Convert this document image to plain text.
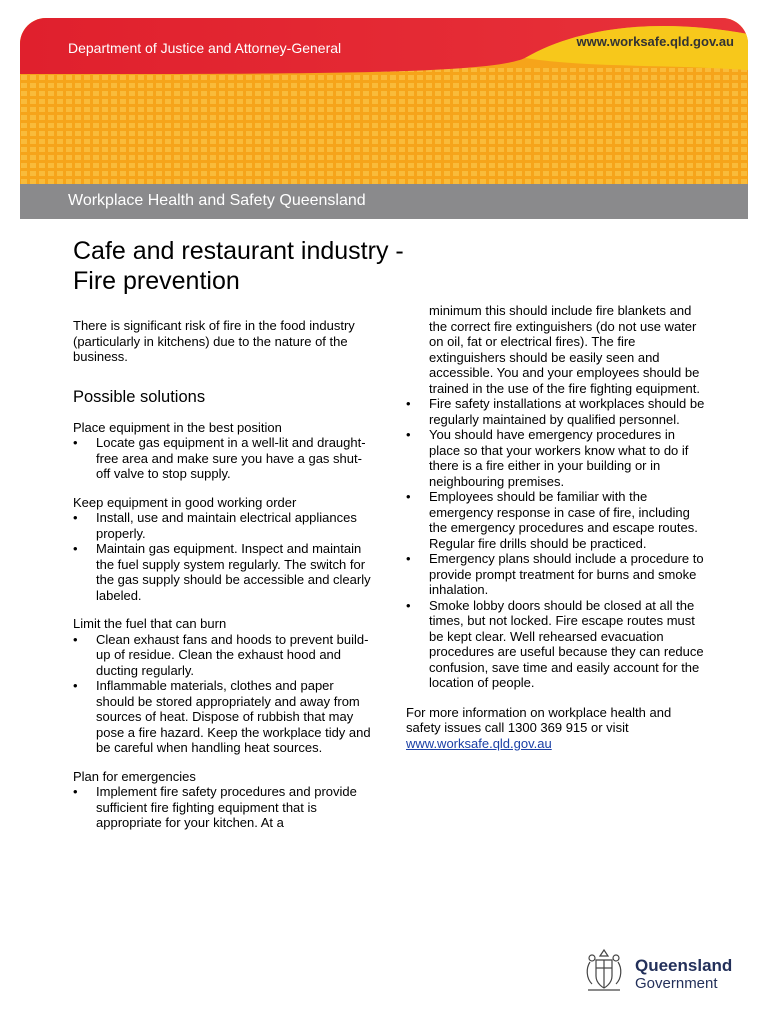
Department of Justice and Attorney-General	www.worksafe.qld.gov.au
Workplace Health and Safety Queensland
Cafe and restaurant industry -
Fire prevention

There is significant risk of fire in the food industry (particularly in kitchens) due to the nature of the business.

Possible solutions

Place equipment in the best position

• Locate gas equipment in a well-lit and draught-free area and make sure you have a gas shut-off valve to stop supply.

Keep equipment in good working order

• Install, use and maintain electrical appliances properly.
• Maintain gas equipment. Inspect and maintain the fuel supply system regularly. The switch for the gas supply should be accessible and clearly labeled.

Limit the fuel that can burn

• Clean exhaust fans and hoods to prevent build-up of residue. Clean the exhaust hood and ducting regularly.
• Inflammable materials, clothes and paper should be stored appropriately and away from sources of heat. Dispose of rubbish that may pose a fire hazard. Keep the workplace tidy and be careful when handling heat sources.

Plan for emergencies

• Implement fire safety procedures and provide sufficient fire fighting equipment that is appropriate for your kitchen. At a

minimum this should include fire blankets and the correct fire extinguishers (do not use water on oil, fat or electrical fires). The fire extinguishers should be easily seen and accessible. You and your employees should be trained in the use of the fire fighting equipment.

• Fire safety installations at workplaces should be regularly maintained by qualified personnel.
• You should have emergency procedures in place so that your workers know what to do if there is a fire either in your building or in neighbouring premises.
• Employees should be familiar with the emergency response in case of fire, including the emergency procedures and escape routes. Regular fire drills should be practiced.
• Emergency plans should include a procedure to provide prompt treatment for burns and smoke inhalation.
• Smoke lobby doors should be closed at all the times, but not locked. Fire escape routes must be kept clear. Well rehearsed evacuation procedures are useful because they can reduce confusion, save time and easily account for the location of people.

For more information on workplace health and safety issues call 1300 369 915 or visit
www.worksafe.qld.gov.au

Queensland
Government
